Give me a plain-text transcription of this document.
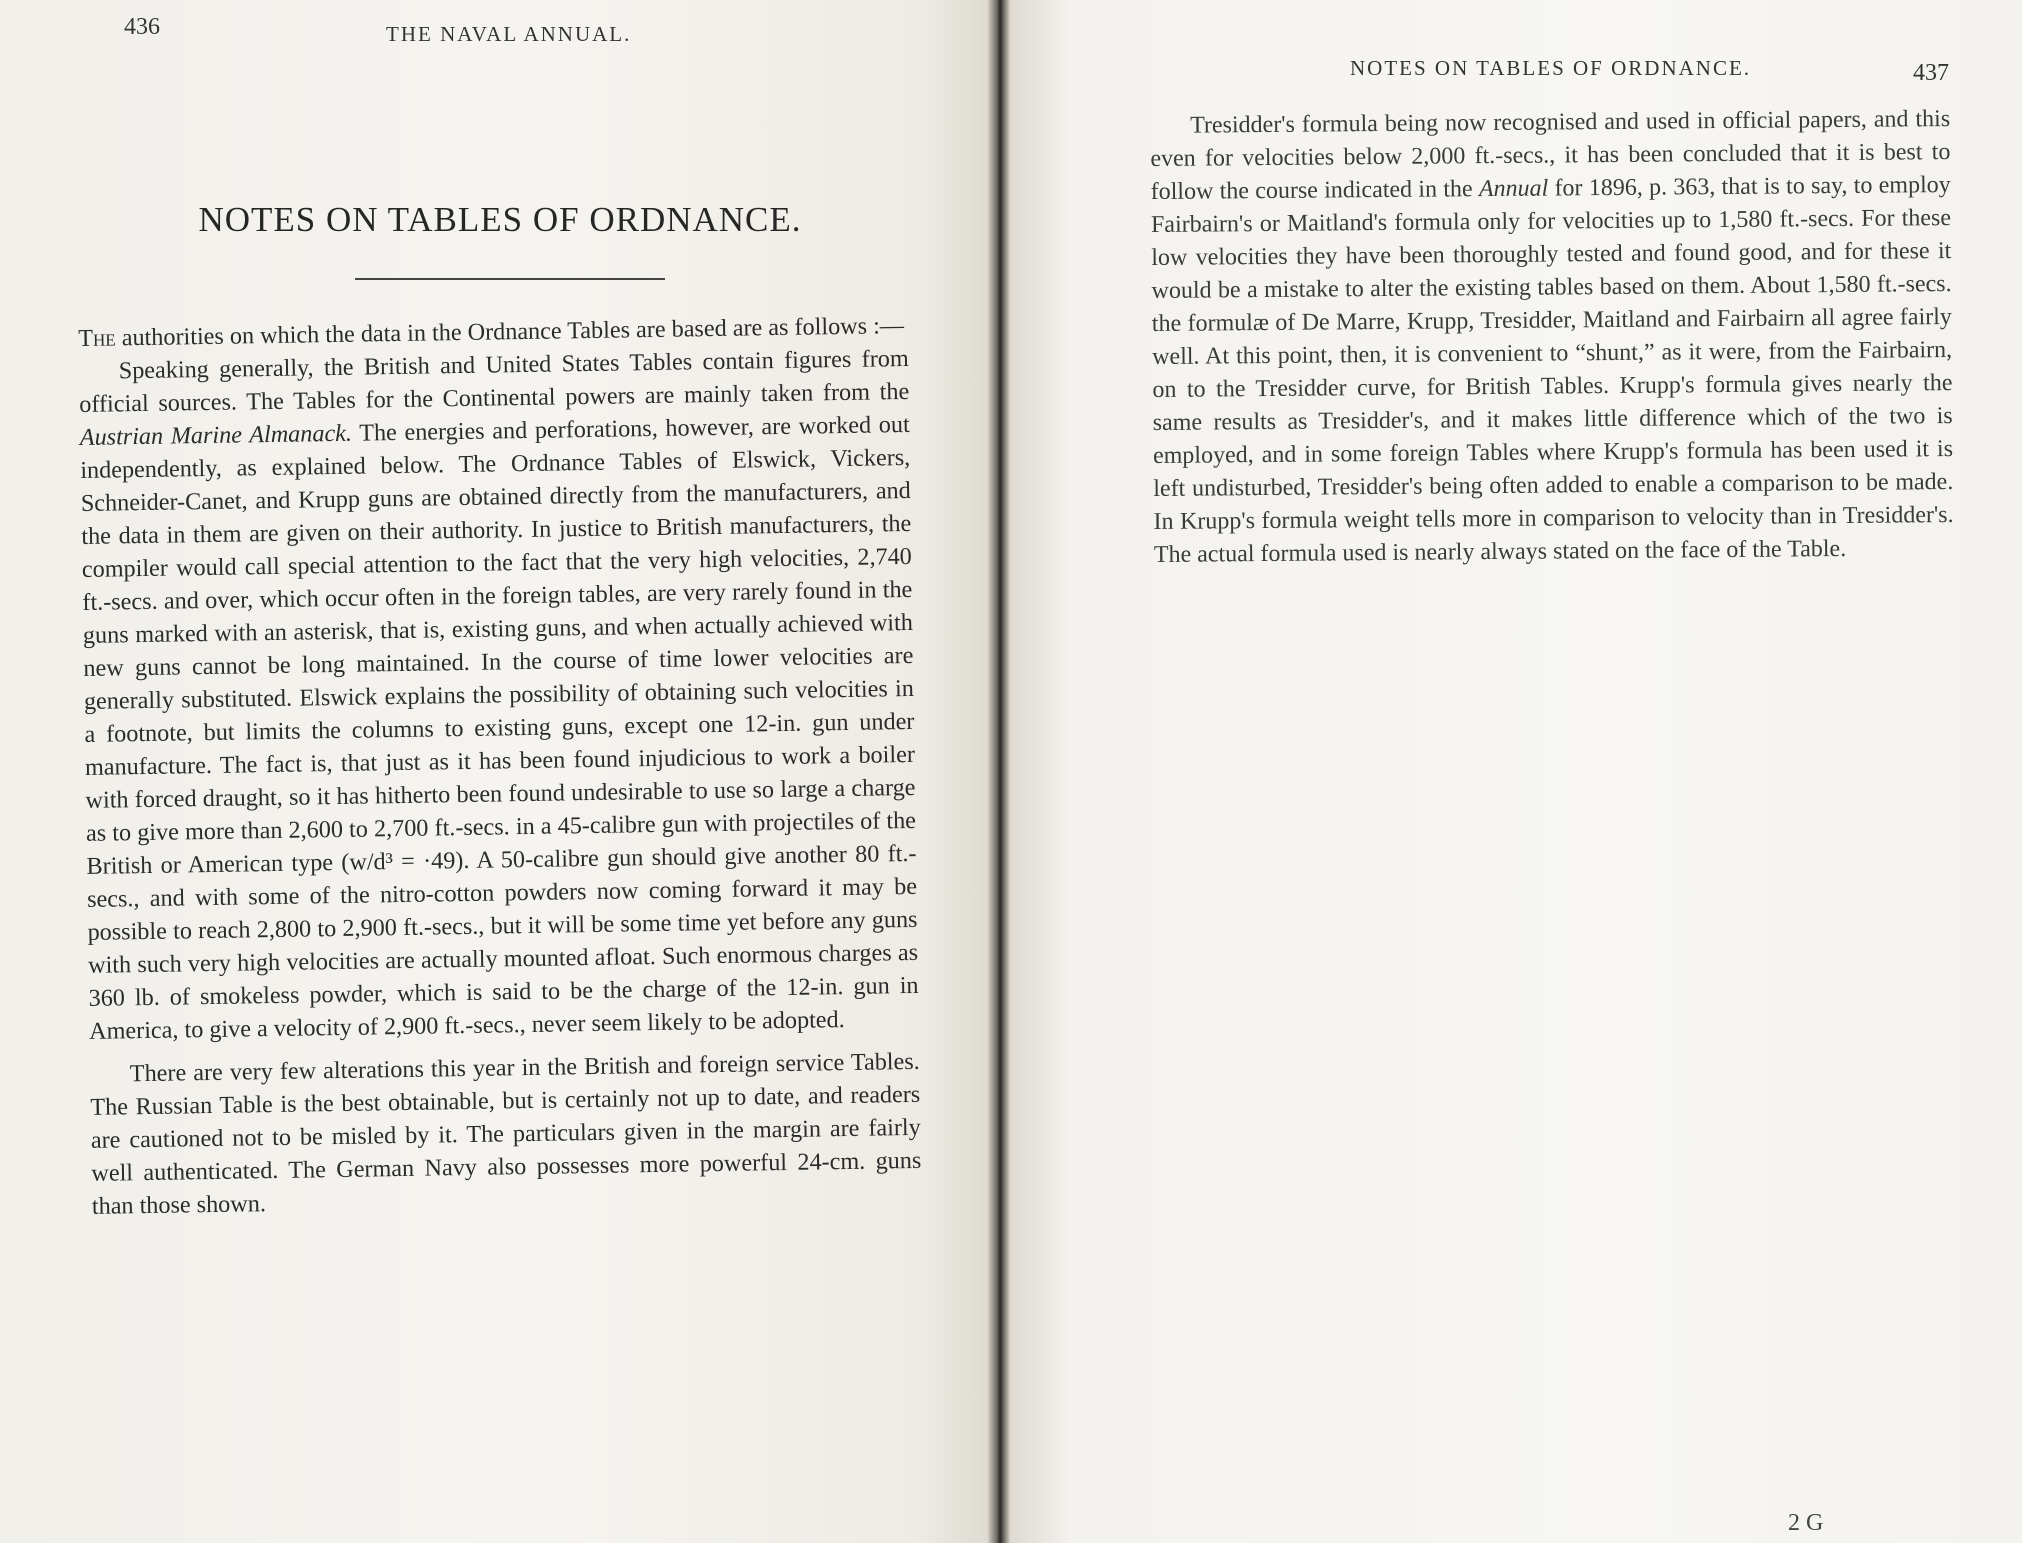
436	THE NAVAL ANNUAL.
NOTES ON TABLES OF ORDNANCE.

The authorities on which the data in the Ordnance Tables are based are as follows :—

Speaking generally, the British and United States Tables contain figures from official sources. The Tables for the Continental powers are mainly taken from the Austrian Marine Almanack. The energies and perforations, however, are worked out independently, as explained below. The Ordnance Tables of Elswick, Vickers, Schneider-Canet, and Krupp guns are obtained directly from the manufacturers, and the data in them are given on their authority. In justice to British manufacturers, the compiler would call special attention to the fact that the very high velocities, 2,740 ft.-secs. and over, which occur often in the foreign tables, are very rarely found in the guns marked with an asterisk, that is, existing guns, and when actually achieved with new guns cannot be long maintained. In the course of time lower velocities are generally substituted. Elswick explains the possibility of obtaining such velocities in a footnote, but limits the columns to existing guns, except one 12-in. gun under manufacture. The fact is, that just as it has been found injudicious to work a boiler with forced draught, so it has hitherto been found undesirable to use so large a charge as to give more than 2,600 to 2,700 ft.-secs. in a 45-calibre gun with projectiles of the British or American type (w/d³ = ·49). A 50-calibre gun should give another 80 ft.-secs., and with some of the nitro-cotton powders now coming forward it may be possible to reach 2,800 to 2,900 ft.-secs., but it will be some time yet before any guns with such very high velocities are actually mounted afloat. Such enormous charges as 360 lb. of smokeless powder, which is said to be the charge of the 12-in. gun in America, to give a velocity of 2,900 ft.-secs., never seem likely to be adopted.

There are very few alterations this year in the British and foreign service Tables. The Russian Table is the best obtainable, but is certainly not up to date, and readers are cautioned not to be misled by it. The particulars given in the margin are fairly well authenticated. The German Navy also possesses more powerful 24-cm. guns than those shown.

NOTES ON TABLES OF ORDNANCE.	437

Tresidder's formula being now recognised and used in official papers, and this even for velocities below 2,000 ft.-secs., it has been concluded that it is best to follow the course indicated in the Annual for 1896, p. 363, that is to say, to employ Fairbairn's or Maitland's formula only for velocities up to 1,580 ft.-secs. For these low velocities they have been thoroughly tested and found good, and for these it would be a mistake to alter the existing tables based on them. About 1,580 ft.-secs. the formulæ of De Marre, Krupp, Tresidder, Maitland and Fairbairn all agree fairly well. At this point, then, it is convenient to “shunt,” as it were, from the Fairbairn, on to the Tresidder curve, for British Tables. Krupp's formula gives nearly the same results as Tresidder's, and it makes little difference which of the two is employed, and in some foreign Tables where Krupp's formula has been used it is left undisturbed, Tresidder's being often added to enable a comparison to be made. In Krupp's formula weight tells more in comparison to velocity than in Tresidder's. The actual formula used is nearly always stated on the face of the Table.

2 G
